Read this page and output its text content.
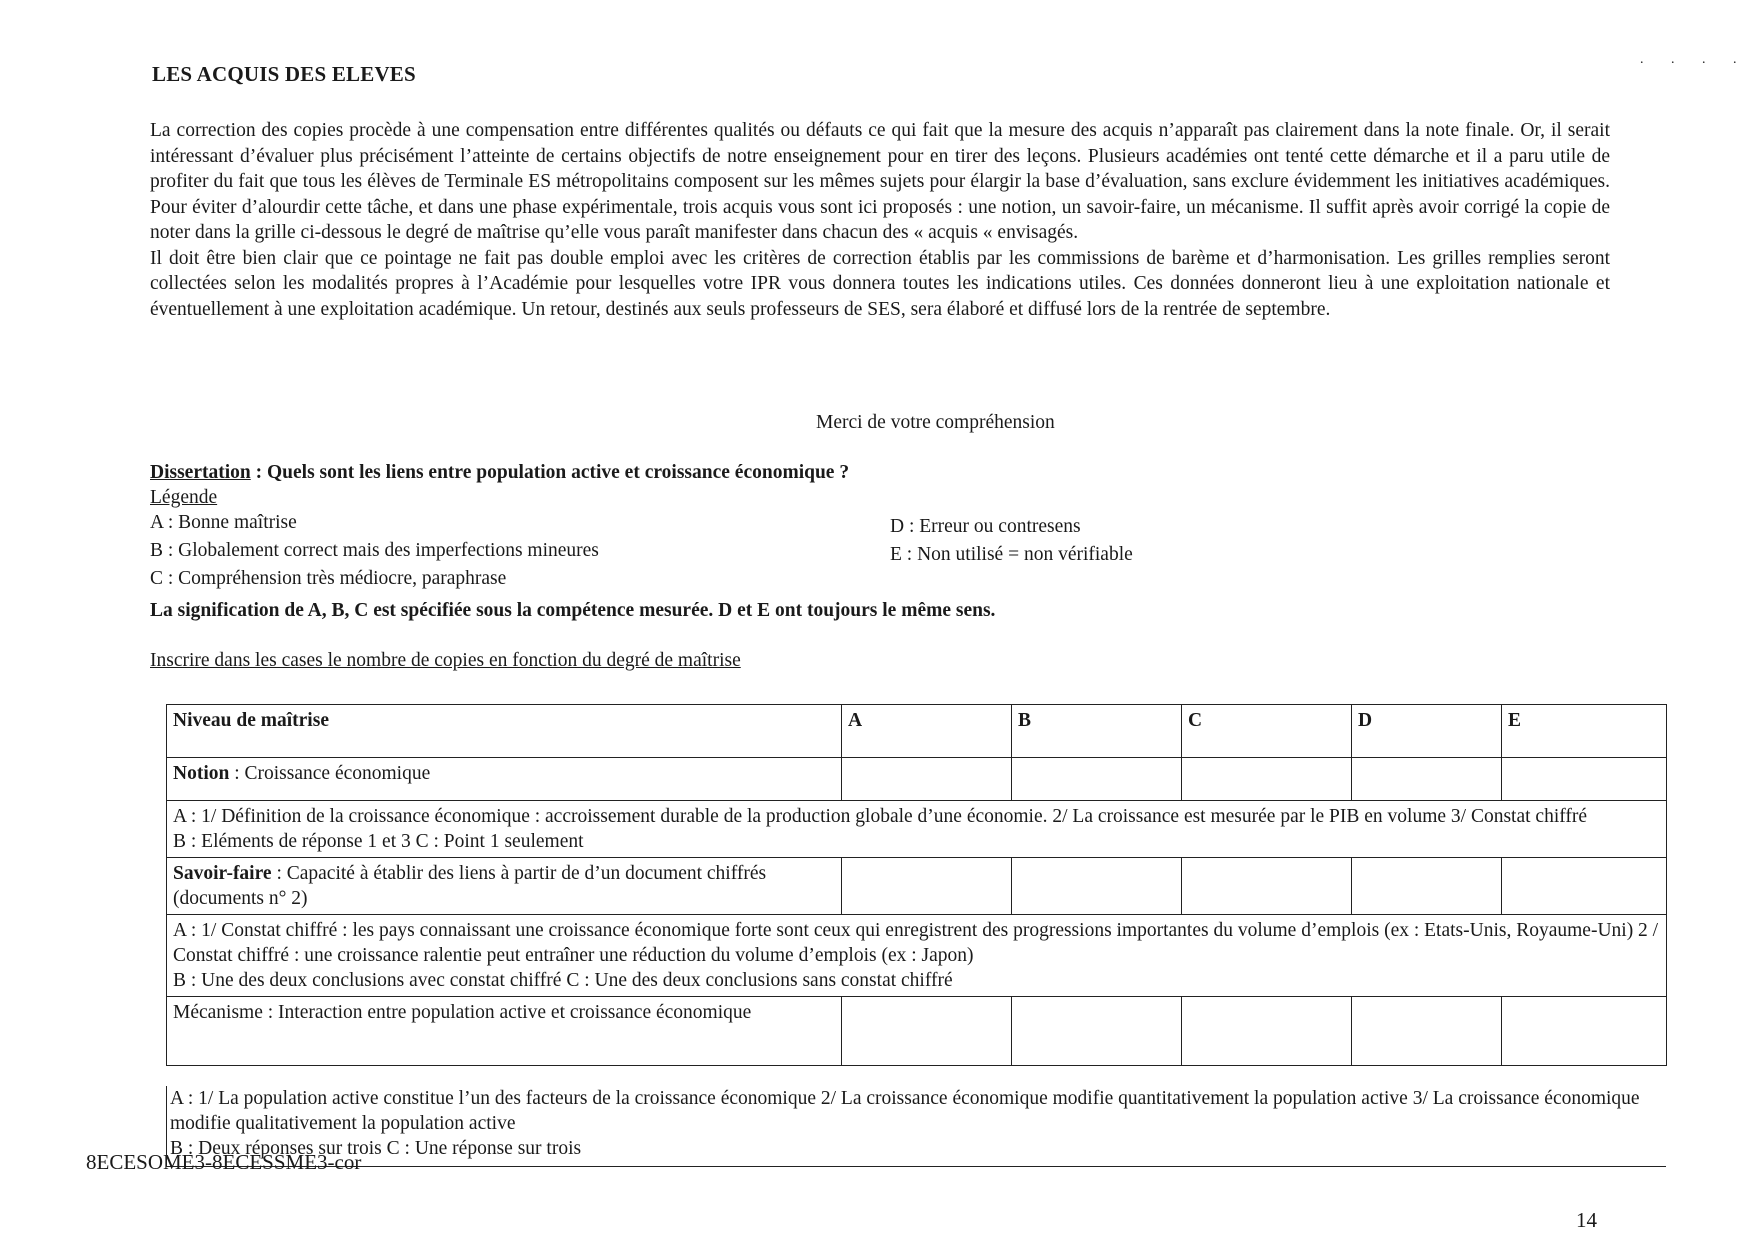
LES ACQUIS DES ELEVES
. . . .

La correction des copies procède à une compensation entre différentes qualités ou défauts ce qui fait que la mesure des acquis n’apparaît pas clairement dans la note finale. Or, il serait intéressant d’évaluer plus précisément l’atteinte de certains objectifs de notre enseignement pour en tirer des leçons. Plusieurs académies ont tenté cette démarche et il a paru utile de profiter du fait que tous les élèves de Terminale ES métropolitains composent sur les mêmes sujets pour élargir la base d’évaluation, sans exclure évidemment les initiatives académiques. Pour éviter d’alourdir cette tâche, et dans une phase expérimentale, trois acquis vous sont ici proposés : une notion, un savoir-faire, un mécanisme. Il suffit après avoir corrigé la copie de noter dans la grille ci-dessous le degré de maîtrise qu’elle vous paraît manifester dans chacun des « acquis « envisagés.

Il doit être bien clair que ce pointage ne fait pas double emploi avec les critères de correction établis par les commissions de barème et d’harmonisation. Les grilles remplies seront collectées selon les modalités propres à l’Académie pour lesquelles votre IPR vous donnera toutes les indications utiles. Ces données donneront lieu à une exploitation nationale et éventuellement à une exploitation académique. Un retour, destinés aux seuls professeurs de SES, sera élaboré et diffusé lors de la rentrée de septembre.

Merci de votre compréhension
Dissertation : Quels sont les liens entre population active et croissance économique ?
Légende
A : Bonne maîtrise
B : Globalement correct mais des imperfections mineures
C : Compréhension très médiocre, paraphrase
D : Erreur ou contresens
E : Non utilisé = non vérifiable
La signification de A, B, C est spécifiée sous la compétence mesurée. D et E ont toujours le même sens.
Inscrire dans les cases le nombre de copies en fonction du degré de maîtrise
Niveau de maîtrise	A	B	C	D	E
Notion : Croissance économique					

A : 1/ Définition de la croissance économique : accroissement durable de la production globale d’une économie. 2/ La croissance est mesurée par le PIB en volume 3/ Constat chiffré
B : Eléments de réponse 1 et 3 C : Point 1 seulement					

Savoir-faire : Capacité à établir des liens à partir de d’un document chiffrés (documents n° 2)					

A : 1/ Constat chiffré : les pays connaissant une croissance économique forte sont ceux qui enregistrent des progressions importantes du volume d’emplois (ex : Etats-Unis, Royaume-Uni) 2 / Constat chiffré : une croissance ralentie peut entraîner une réduction du volume d’emplois (ex : Japon)
B : Une des deux conclusions avec constat chiffré C : Une des deux conclusions sans constat chiffré					

Mécanisme : Interaction entre population active et croissance économique					
A : 1/ La population active constitue l’un des facteurs de la croissance économique 2/ La croissance économique modifie quantitativement la population active 3/ La croissance économique modifie qualitativement la population active
B : Deux réponses sur trois C : Une réponse sur trois
8ECESOME3-8ECESSME3-cor
14
